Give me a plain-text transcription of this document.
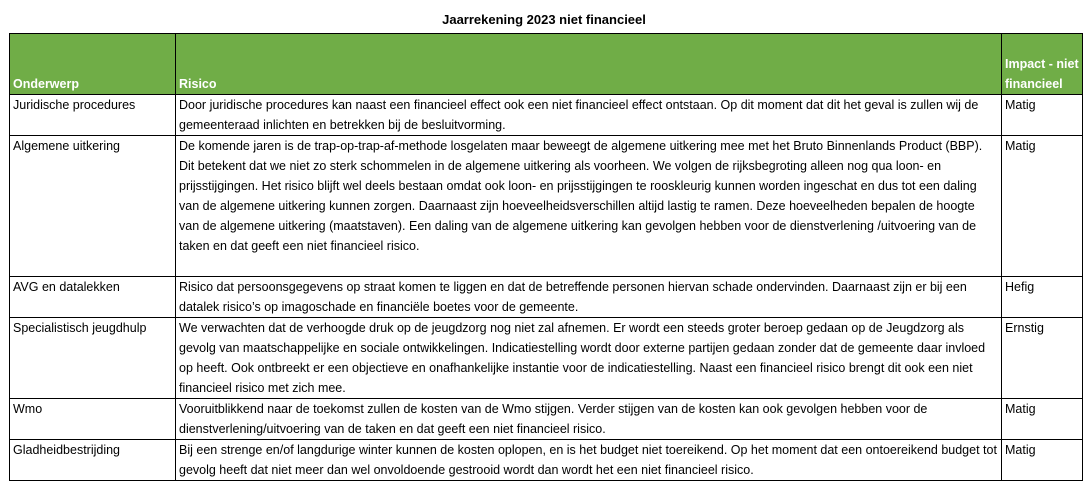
Jaarrekening 2023 niet financieel
Onderwerp	Risico	Impact - niet financieel
Juridische procedures	Door juridische procedures kan naast een financieel effect ook een niet financieel effect ontstaan. Op dit moment dat dit het geval is zullen wij de gemeenteraad inlichten en betrekken bij de besluitvorming.	Matig
Algemene uitkering	De komende jaren is de trap-op-trap-af-methode losgelaten maar beweegt de algemene uitkering mee met het Bruto Binnenlands Product (BBP). Dit betekent dat we niet zo sterk schommelen in de algemene uitkering als voorheen. We volgen de rijksbegroting alleen nog qua loon- en prijsstijgingen. Het risico blijft wel deels bestaan omdat ook loon- en prijsstijgingen te rooskleurig kunnen worden ingeschat en dus tot een daling van de algemene uitkering kunnen zorgen. Daarnaast zijn hoeveelheidsverschillen altijd lastig te ramen. Deze hoeveelheden bepalen de hoogte van de algemene uitkering (maatstaven). Een daling van de algemene uitkering kan gevolgen hebben voor de dienstverlening /uitvoering van de taken en dat geeft een niet financieel risico.	Matig
AVG en datalekken	Risico dat persoonsgegevens op straat komen te liggen en dat de betreffende personen hiervan schade ondervinden. Daarnaast zijn er bij een datalek risico’s op imagoschade en financiële boetes voor de gemeente.	Hefig
Specialistisch jeugdhulp	We verwachten dat de verhoogde druk op de jeugdzorg nog niet zal afnemen. Er wordt een steeds groter beroep gedaan op de Jeugdzorg als gevolg van maatschappelijke en sociale ontwikkelingen. Indicatiestelling wordt door externe partijen gedaan zonder dat de gemeente daar invloed op heeft. Ook ontbreekt er een objectieve en onafhankelijke instantie voor de indicatiestelling. Naast een financieel risico brengt dit ook een niet financieel risico met zich mee.	Ernstig
Wmo	Vooruitblikkend naar de toekomst zullen de kosten van de Wmo stijgen. Verder stijgen van de kosten kan ook gevolgen hebben voor de dienstverlening/uitvoering van de taken en dat geeft een niet financieel risico.	Matig
Gladheidbestrijding	Bij een strenge en/of langdurige winter kunnen de kosten oplopen, en is het budget niet toereikend. Op het moment dat een ontoereikend budget tot gevolg heeft dat niet meer dan wel onvoldoende gestrooid wordt dan wordt het een niet financieel risico.	Matig
